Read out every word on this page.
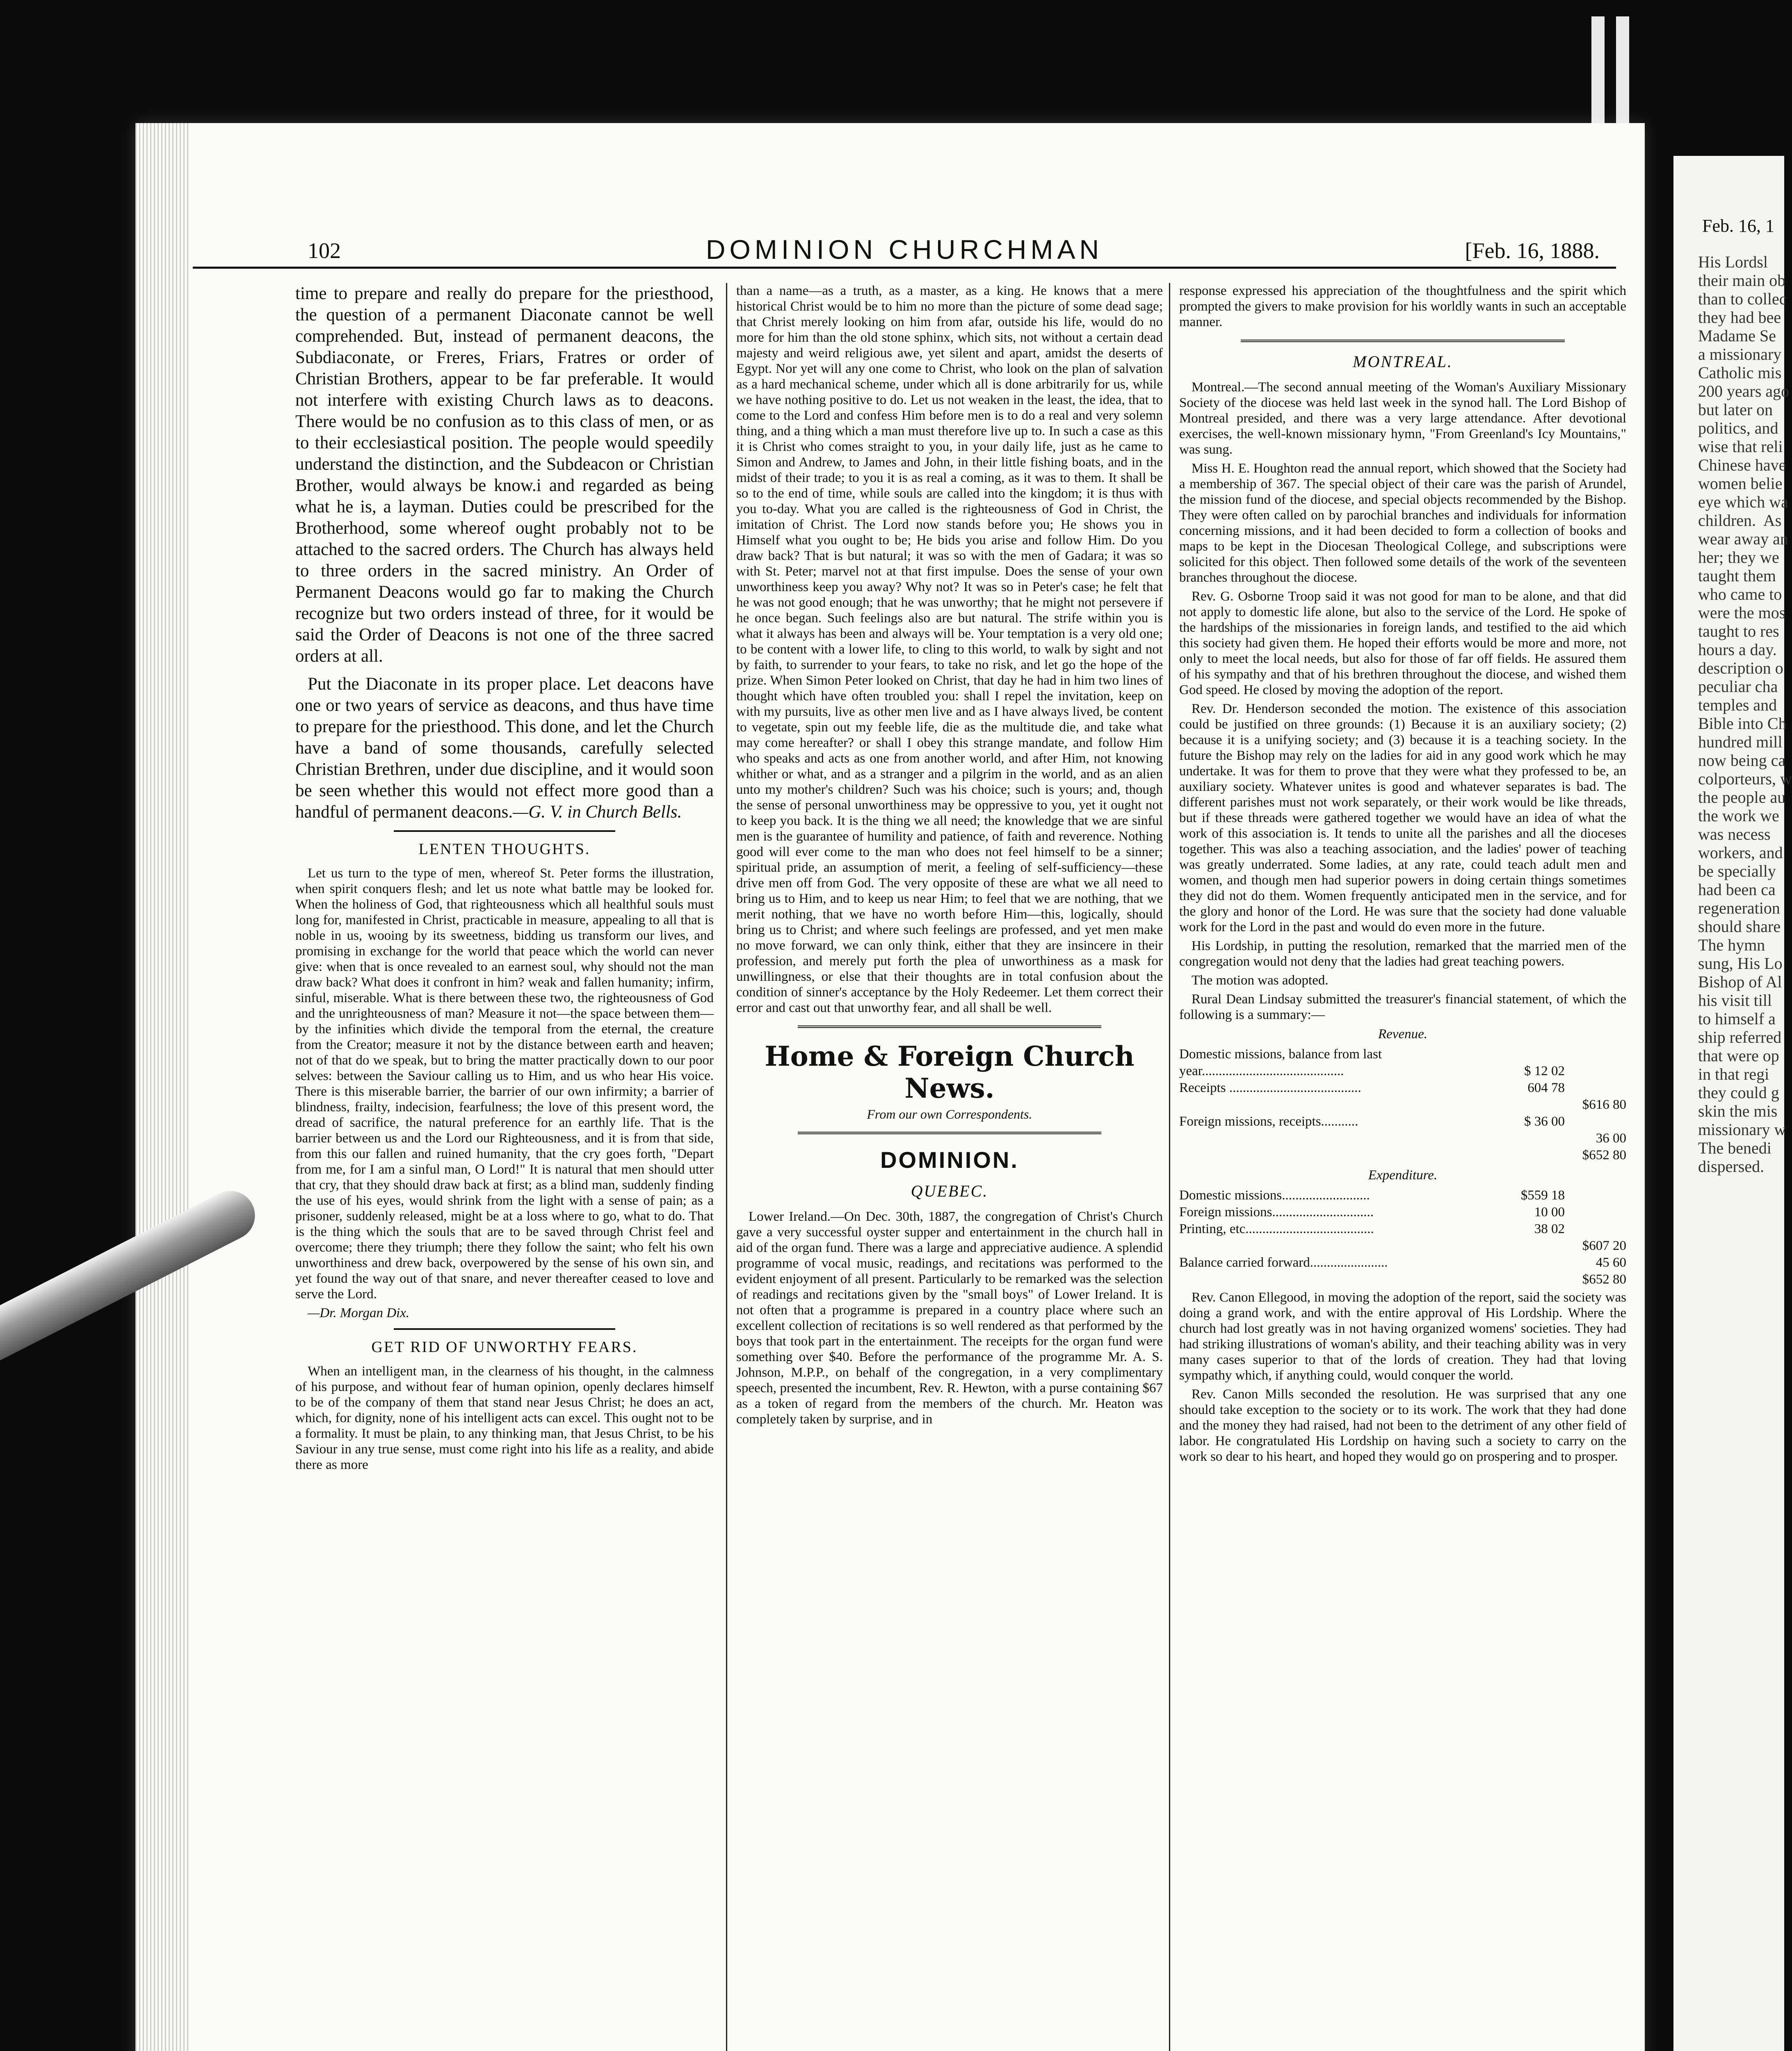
Feb. 16, 1
His Lordsl
their main ob
than to collec
they had bee
Madame Se
a missionary
Catholic mis
200 years ago
but later on
politics, and
wise that reli
Chinese have
women belie
eye which wa
children.  As
wear away an
her; they we
taught them
who came to
were the mos
taught to res
hours a day.
description o
peculiar cha
temples and
Bible into Ch
hundred mill
now being ca
colporteurs, w
the people au
the work we
was necess
workers, and
be specially
had been ca
regeneration
should share
The hymn
sung, His Lo
Bishop of Al
his visit till
to himself a
ship referred
that were op
in that regi
they could g
skin the mis
missionary w
The benedi
dispersed.
102	DOMINION CHURCHMAN	[Feb. 16, 1888.

time to prepare and really do prepare for the priesthood, the question of a permanent Diaconate cannot be well comprehended. But, instead of permanent deacons, the Subdiaconate, or Freres, Friars, Fratres or order of Christian Brothers, appear to be far preferable. It would not interfere with existing Church laws as to deacons. There would be no confusion as to this class of men, or as to their ecclesiastical position. The people would speedily understand the distinction, and the Subdeacon or Christian Brother, would always be know.i and regarded as being what he is, a layman. Duties could be prescribed for the Brotherhood, some whereof ought probably not to be attached to the sacred orders. The Church has always held to three orders in the sacred ministry. An Order of Permanent Deacons would go far to making the Church recognize but two orders instead of three, for it would be said the Order of Deacons is not one of the three sacred orders at all.

Put the Diaconate in its proper place. Let deacons have one or two years of service as deacons, and thus have time to prepare for the priesthood. This done, and let the Church have a band of some thousands, carefully selected Christian Brethren, under due discipline, and it would soon be seen whether this would not effect more good than a handful of permanent deacons.—G. V. in Church Bells.

LENTEN THOUGHTS.

Let us turn to the type of men, whereof St. Peter forms the illustration, when spirit conquers flesh; and let us note what battle may be looked for. When the holiness of God, that righteousness which all healthful souls must long for, manifested in Christ, practicable in measure, appealing to all that is noble in us, wooing by its sweetness, bidding us transform our lives, and promising in exchange for the world that peace which the world can never give: when that is once revealed to an earnest soul, why should not the man draw back? What does it confront in him? weak and fallen humanity; infirm, sinful, miserable. What is there between these two, the righteousness of God and the unrighteousness of man? Measure it not—the space between them—by the infinities which divide the temporal from the eternal, the creature from the Creator; measure it not by the distance between earth and heaven; not of that do we speak, but to bring the matter practically down to our poor selves: between the Saviour calling us to Him, and us who hear His voice. There is this miserable barrier, the barrier of our own infirmity; a barrier of blindness, frailty, indecision, fearfulness; the love of this present word, the dread of sacrifice, the natural preference for an earthly life. That is the barrier between us and the Lord our Righteousness, and it is from that side, from this our fallen and ruined humanity, that the cry goes forth, "Depart from me, for I am a sinful man, O Lord!" It is natural that men should utter that cry, that they should draw back at first; as a blind man, suddenly finding the use of his eyes, would shrink from the light with a sense of pain; as a prisoner, suddenly released, might be at a loss where to go, what to do. That is the thing which the souls that are to be saved through Christ feel and overcome; there they triumph; there they follow the saint; who felt his own unworthiness and drew back, overpowered by the sense of his own sin, and yet found the way out of that snare, and never thereafter ceased to love and serve the Lord.

—Dr. Morgan Dix.

GET RID OF UNWORTHY FEARS.

When an intelligent man, in the clearness of his thought, in the calmness of his purpose, and without fear of human opinion, openly declares himself to be of the company of them that stand near Jesus Christ; he does an act, which, for dignity, none of his intelligent acts can excel. This ought not to be a formality. It must be plain, to any thinking man, that Jesus Christ, to be his Saviour in any true sense, must come right into his life as a reality, and abide there as more

than a name—as a truth, as a master, as a king. He knows that a mere historical Christ would be to him no more than the picture of some dead sage; that Christ merely looking on him from afar, outside his life, would do no more for him than the old stone sphinx, which sits, not without a certain dead majesty and weird religious awe, yet silent and apart, amidst the deserts of Egypt. Nor yet will any one come to Christ, who look on the plan of salvation as a hard mechanical scheme, under which all is done arbitrarily for us, while we have nothing positive to do. Let us not weaken in the least, the idea, that to come to the Lord and confess Him before men is to do a real and very solemn thing, and a thing which a man must therefore live up to. In such a case as this it is Christ who comes straight to you, in your daily life, just as he came to Simon and Andrew, to James and John, in their little fishing boats, and in the midst of their trade; to you it is as real a coming, as it was to them. It shall be so to the end of time, while souls are called into the kingdom; it is thus with you to-day. What you are called is the righteousness of God in Christ, the imitation of Christ. The Lord now stands before you; He shows you in Himself what you ought to be; He bids you arise and follow Him. Do you draw back? That is but natural; it was so with the men of Gadara; it was so with St. Peter; marvel not at that first impulse. Does the sense of your own unworthiness keep you away? Why not? It was so in Peter's case; he felt that he was not good enough; that he was unworthy; that he might not persevere if he once began. Such feelings also are but natural. The strife within you is what it always has been and always will be. Your temptation is a very old one; to be content with a lower life, to cling to this world, to walk by sight and not by faith, to surrender to your fears, to take no risk, and let go the hope of the prize. When Simon Peter looked on Christ, that day he had in him two lines of thought which have often troubled you: shall I repel the invitation, keep on with my pursuits, live as other men live and as I have always lived, be content to vegetate, spin out my feeble life, die as the multitude die, and take what may come hereafter? or shall I obey this strange mandate, and follow Him who speaks and acts as one from another world, and after Him, not knowing whither or what, and as a stranger and a pilgrim in the world, and as an alien unto my mother's children? Such was his choice; such is yours; and, though the sense of personal unworthiness may be oppressive to you, yet it ought not to keep you back. It is the thing we all need; the knowledge that we are sinful men is the guarantee of humility and patience, of faith and reverence. Nothing good will ever come to the man who does not feel himself to be a sinner; spiritual pride, an assumption of merit, a feeling of self-sufficiency—these drive men off from God. The very opposite of these are what we all need to bring us to Him, and to keep us near Him; to feel that we are nothing, that we merit nothing, that we have no worth before Him—this, logically, should bring us to Christ; and where such feelings are professed, and yet men make no move forward, we can only think, either that they are insincere in their profession, and merely put forth the plea of unworthiness as a mask for unwillingness, or else that their thoughts are in total confusion about the condition of sinner's acceptance by the Holy Redeemer. Let them correct their error and cast out that unworthy fear, and all shall be well.

Home & Foreign Church News.
From our own Correspondents.
DOMINION.
QUEBEC.

Lower Ireland.—On Dec. 30th, 1887, the congregation of Christ's Church gave a very successful oyster supper and entertainment in the church hall in aid of the organ fund. There was a large and appreciative audience. A splendid programme of vocal music, readings, and recitations was performed to the evident enjoyment of all present. Particularly to be remarked was the selection of readings and recitations given by the "small boys" of Lower Ireland. It is not often that a programme is prepared in a country place where such an excellent collection of recitations is so well rendered as that performed by the boys that took part in the entertainment. The receipts for the organ fund were something over $40. Before the performance of the programme Mr. A. S. Johnson, M.P.P., on behalf of the congregation, in a very complimentary speech, presented the incumbent, Rev. R. Hewton, with a purse containing $67 as a token of regard from the members of the church. Mr. Heaton was completely taken by surprise, and in

response expressed his appreciation of the thoughtfulness and the spirit which prompted the givers to make provision for his worldly wants in such an acceptable manner.

MONTREAL.

Montreal.—The second annual meeting of the Woman's Auxiliary Missionary Society of the diocese was held last week in the synod hall. The Lord Bishop of Montreal presided, and there was a very large attendance. After devotional exercises, the well-known missionary hymn, "From Greenland's Icy Mountains," was sung.

Miss H. E. Houghton read the annual report, which showed that the Society had a membership of 367. The special object of their care was the parish of Arundel, the mission fund of the diocese, and special objects recommended by the Bishop. They were often called on by parochial branches and individuals for information concerning missions, and it had been decided to form a collection of books and maps to be kept in the Diocesan Theological College, and subscriptions were solicited for this object. Then followed some details of the work of the seventeen branches throughout the diocese.

Rev. G. Osborne Troop said it was not good for man to be alone, and that did not apply to domestic life alone, but also to the service of the Lord. He spoke of the hardships of the missionaries in foreign lands, and testified to the aid which this society had given them. He hoped their efforts would be more and more, not only to meet the local needs, but also for those of far off fields. He assured them of his sympathy and that of his brethren throughout the diocese, and wished them God speed. He closed by moving the adoption of the report.

Rev. Dr. Henderson seconded the motion. The existence of this association could be justified on three grounds: (1) Because it is an auxiliary society; (2) because it is a unifying society; and (3) because it is a teaching society. In the future the Bishop may rely on the ladies for aid in any good work which he may undertake. It was for them to prove that they were what they professed to be, an auxiliary society. Whatever unites is good and whatever separates is bad. The different parishes must not work separately, or their work would be like threads, but if these threads were gathered together we would have an idea of what the work of this association is. It tends to unite all the parishes and all the dioceses together. This was also a teaching association, and the ladies' power of teaching was greatly underrated. Some ladies, at any rate, could teach adult men and women, and though men had superior powers in doing certain things sometimes they did not do them. Women frequently anticipated men in the service, and for the glory and honor of the Lord. He was sure that the society had done valuable work for the Lord in the past and would do even more in the future.

His Lordship, in putting the resolution, remarked that the married men of the congregation would not deny that the ladies had great teaching powers.

The motion was adopted.

Rural Dean Lindsay submitted the treasurer's financial statement, of which the following is a summary:—

Revenue.
Domestic missions, balance from last		
year..........................................	$ 12 02	
Receipts .......................................	604 78	
		$616 80
Foreign missions, receipts...........	$ 36 00	
		36 00
		$652 80
Expenditure.
Domestic missions..........................	$559 18	
Foreign missions..............................	10 00	
Printing, etc......................................	38 02	
		$607 20
Balance carried forward.......................		45 60
		$652 80

Rev. Canon Ellegood, in moving the adoption of the report, said the society was doing a grand work, and with the entire approval of His Lordship. Where the church had lost greatly was in not having organized womens' societies. They had had striking illustrations of woman's ability, and their teaching ability was in very many cases superior to that of the lords of creation. They had that loving sympathy which, if anything could, would conquer the world.

Rev. Canon Mills seconded the resolution. He was surprised that any one should take exception to the society or to its work. The work that they had done and the money they had raised, had not been to the detriment of any other field of labor. He congratulated His Lordship on having such a society to carry on the work so dear to his heart, and hoped they would go on prospering and to prosper.
